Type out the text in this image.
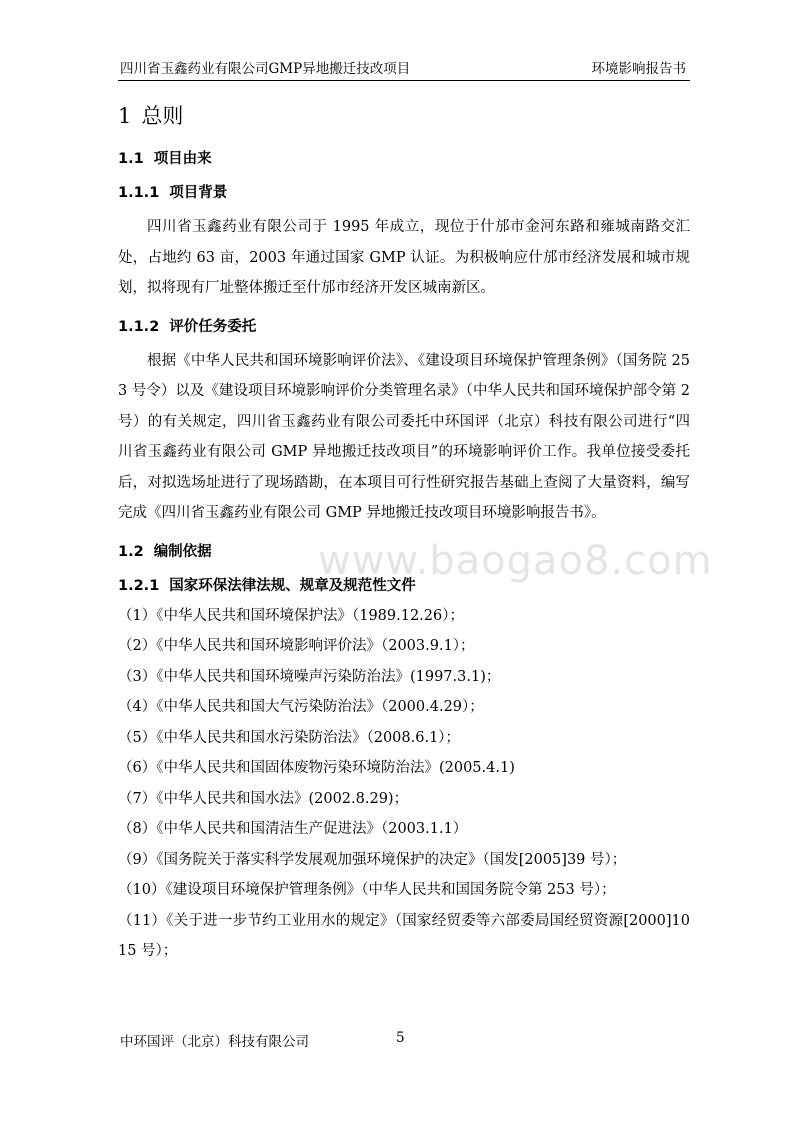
四川省玉鑫药业有限公司GMP异地搬迁技改项目	环境影响报告书
www.baogao8.com
1 总则
1.1 项目由来
1.1.1 项目背景
四川省玉鑫药业有限公司于 1995 年成立，现位于什邡市金河东路和雍城南路交汇处，占地约 63 亩，2003 年通过国家 GMP 认证。为积极响应什邡市经济发展和城市规划，拟将现有厂址整体搬迁至什邡市经济开发区城南新区。
1.1.2 评价任务委托
根据《中华人民共和国环境影响评价法》、《建设项目环境保护管理条例》（国务院 253 号令）以及《建设项目环境影响评价分类管理名录》（中华人民共和国环境保护部令第 2 号）的有关规定，四川省玉鑫药业有限公司委托中环国评（北京）科技有限公司进行“四川省玉鑫药业有限公司 GMP 异地搬迁技改项目”的环境影响评价工作。我单位接受委托后，对拟选场址进行了现场踏勘，在本项目可行性研究报告基础上查阅了大量资料，编写完成《四川省玉鑫药业有限公司 GMP 异地搬迁技改项目环境影响报告书》。
1.2 编制依据
1.2.1 国家环保法律法规、规章及规范性文件
（1）《中华人民共和国环境保护法》（1989.12.26）；
（2）《中华人民共和国环境影响评价法》（2003.9.1）；
（3）《中华人民共和国环境噪声污染防治法》(1997.3.1)；
（4）《中华人民共和国大气污染防治法》（2000.4.29）；
（5）《中华人民共和国水污染防治法》（2008.6.1）；
（6）《中华人民共和国固体废物污染环境防治法》(2005.4.1)
（7）《中华人民共和国水法》(2002.8.29)；
（8）《中华人民共和国清洁生产促进法》（2003.1.1）
（9）《国务院关于落实科学发展观加强环境保护的决定》（国发[2005]39 号）；
（10）《建设项目环境保护管理条例》（中华人民共和国国务院令第 253 号）；
（11）《关于进一步节约工业用水的规定》（国家经贸委等六部委局国经贸资源[2000]1015 号）；
中环国评（北京）科技有限公司	5
